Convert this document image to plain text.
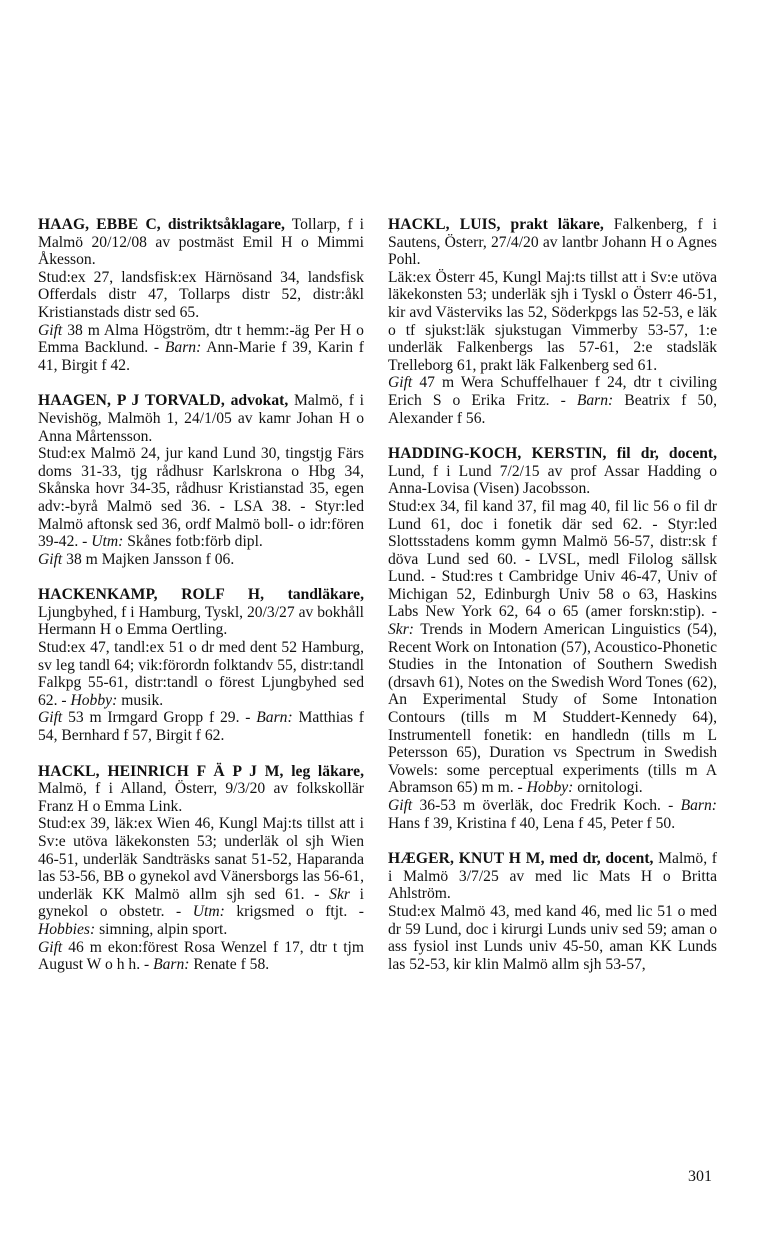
HAAG, EBBE C, distriktsåklagare, Tollarp, f i Malmö 20/12/08 av postmäst Emil H o Mimmi Åkesson.

Stud:ex 27, landsfisk:ex Härnösand 34, landsfisk Offerdals distr 47, Tollarps distr 52, distr:åkl Kristianstads distr sed 65.

Gift 38 m Alma Högström, dtr t hemm:-äg Per H o Emma Backlund. - Barn: Ann-Marie f 39, Karin f 41, Birgit f 42.

HAAGEN, P J TORVALD, advokat, Malmö, f i Nevishög, Malmöh 1, 24/1/05 av kamr Johan H o Anna Mårtensson.

Stud:ex Malmö 24, jur kand Lund 30, tingstjg Färs doms 31-33, tjg rådhusr Karlskrona o Hbg 34, Skånska hovr 34-35, rådhusr Kristianstad 35, egen adv:-byrå Malmö sed 36. - LSA 38. - Styr:led Malmö aftonsk sed 36, ordf Malmö boll- o idr:fören 39-42. - Utm: Skånes fotb:förb dipl.

Gift 38 m Majken Jansson f 06.

HACKENKAMP, ROLF H, tandläkare, Ljungbyhed, f i Hamburg, Tyskl, 20/3/27 av bokhåll Hermann H o Emma Oertling.

Stud:ex 47, tandl:ex 51 o dr med dent 52 Hamburg, sv leg tandl 64; vik:förordn folktandv 55, distr:tandl Falkpg 55-61, distr:tandl o förest Ljungbyhed sed 62. - Hobby: musik.

Gift 53 m Irmgard Gropp f 29. - Barn: Matthias f 54, Bernhard f 57, Birgit f 62.

HACKL, HEINRICH F Ä P J M, leg läkare, Malmö, f i Alland, Österr, 9/3/20 av folkskollär Franz H o Emma Link.

Stud:ex 39, läk:ex Wien 46, Kungl Maj:ts tillst att i Sv:e utöva läkekonsten 53; underläk ol sjh Wien 46-51, underläk Sandträsks sanat 51-52, Haparanda las 53-56, BB o gynekol avd Vänersborgs las 56-61, underläk KK Malmö allm sjh sed 61. - Skr i gynekol o obstetr. - Utm: krigsmed o ftjt. - Hobbies: simning, alpin sport.

Gift 46 m ekon:förest Rosa Wenzel f 17, dtr t tjm August W o h h. - Barn: Renate f 58.

HACKL, LUIS, prakt läkare, Falkenberg, f i Sautens, Österr, 27/4/20 av lantbr Johann H o Agnes Pohl.

Läk:ex Österr 45, Kungl Maj:ts tillst att i Sv:e utöva läkekonsten 53; underläk sjh i Tyskl o Österr 46-51, kir avd Västerviks las 52, Söderkpgs las 52-53, e läk o tf sjukst:läk sjukstugan Vimmerby 53-57, 1:e underläk Falkenbergs las 57-61, 2:e stadsläk Trelleborg 61, prakt läk Falkenberg sed 61.

Gift 47 m Wera Schuffelhauer f 24, dtr t civiling Erich S o Erika Fritz. - Barn: Beatrix f 50, Alexander f 56.

HADDING-KOCH, KERSTIN, fil dr, docent, Lund, f i Lund 7/2/15 av prof Assar Hadding o Anna-Lovisa (Visen) Jacobsson.

Stud:ex 34, fil kand 37, fil mag 40, fil lic 56 o fil dr Lund 61, doc i fonetik där sed 62. - Styr:led Slottsstadens komm gymn Malmö 56-57, distr:sk f döva Lund sed 60. - LVSL, medl Filolog sällsk Lund. - Stud:res t Cambridge Univ 46-47, Univ of Michigan 52, Edinburgh Univ 58 o 63, Haskins Labs New York 62, 64 o 65 (amer forskn:stip). - Skr: Trends in Modern American Linguistics (54), Recent Work on Intonation (57), Acoustico-Phonetic Studies in the Intonation of Southern Swedish (drsavh 61), Notes on the Swedish Word Tones (62), An Experimental Study of Some Intonation Contours (tills m M Studdert-Kennedy 64), Instrumentell fonetik: en handledn (tills m L Petersson 65), Duration vs Spectrum in Swedish Vowels: some perceptual experiments (tills m A Abramson 65) m m. - Hobby: ornitologi.

Gift 36-53 m överläk, doc Fredrik Koch. - Barn: Hans f 39, Kristina f 40, Lena f 45, Peter f 50.

HÆGER, KNUT H M, med dr, docent, Malmö, f i Malmö 3/7/25 av med lic Mats H o Britta Ahlström.

Stud:ex Malmö 43, med kand 46, med lic 51 o med dr 59 Lund, doc i kirurgi Lunds univ sed 59; aman o ass fysiol inst Lunds univ 45-50, aman KK Lunds las 52-53, kir klin Malmö allm sjh 53-57,

301
